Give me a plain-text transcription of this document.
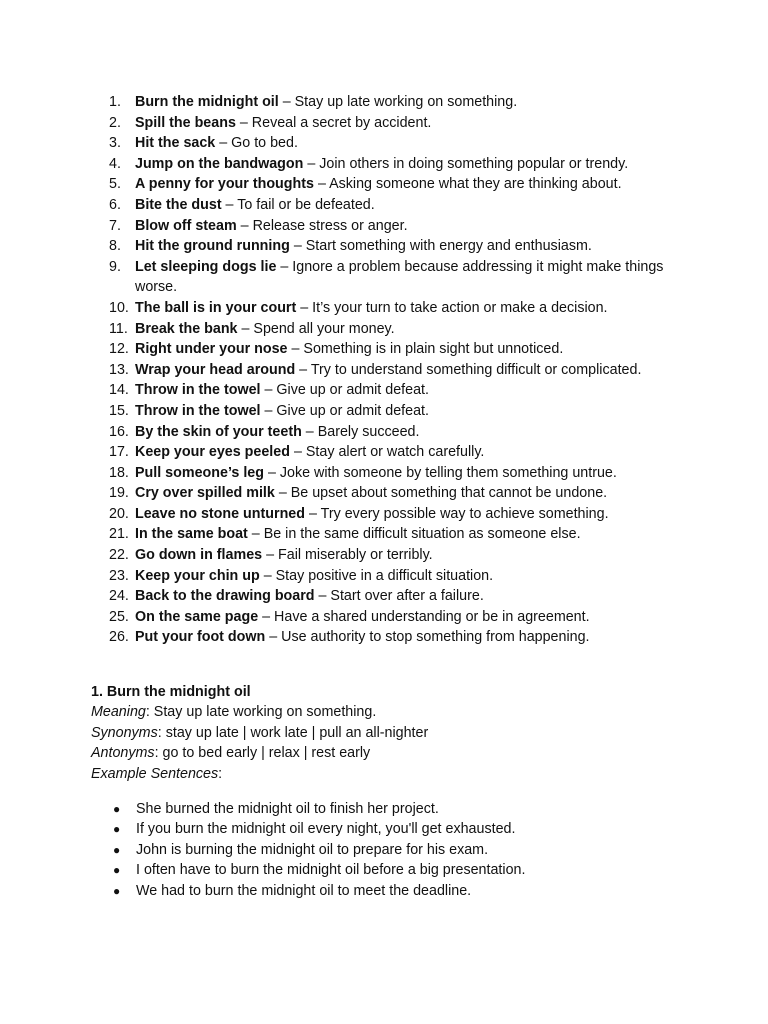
1. Burn the midnight oil – Stay up late working on something.
2. Spill the beans – Reveal a secret by accident.
3. Hit the sack – Go to bed.
4. Jump on the bandwagon – Join others in doing something popular or trendy.
5. A penny for your thoughts – Asking someone what they are thinking about.
6. Bite the dust – To fail or be defeated.
7. Blow off steam – Release stress or anger.
8. Hit the ground running – Start something with energy and enthusiasm.
9. Let sleeping dogs lie – Ignore a problem because addressing it might make things worse.
10. The ball is in your court – It’s your turn to take action or make a decision.
11. Break the bank – Spend all your money.
12. Right under your nose – Something is in plain sight but unnoticed.
13. Wrap your head around – Try to understand something difficult or complicated.
14. Throw in the towel – Give up or admit defeat.
15. Throw in the towel – Give up or admit defeat.
16. By the skin of your teeth – Barely succeed.
17. Keep your eyes peeled – Stay alert or watch carefully.
18. Pull someone’s leg – Joke with someone by telling them something untrue.
19. Cry over spilled milk – Be upset about something that cannot be undone.
20. Leave no stone unturned – Try every possible way to achieve something.
21. In the same boat – Be in the same difficult situation as someone else.
22. Go down in flames – Fail miserably or terribly.
23. Keep your chin up – Stay positive in a difficult situation.
24. Back to the drawing board – Start over after a failure.
25. On the same page – Have a shared understanding or be in agreement.
26. Put your foot down – Use authority to stop something from happening.
1. Burn the midnight oil
Meaning: Stay up late working on something.
Synonyms: stay up late | work late | pull an all-nighter
Antonyms: go to bed early | relax | rest early
Example Sentences:
●	She burned the midnight oil to finish her project.
●	If you burn the midnight oil every night, you'll get exhausted.
●	John is burning the midnight oil to prepare for his exam.
●	I often have to burn the midnight oil before a big presentation.
●	We had to burn the midnight oil to meet the deadline.
